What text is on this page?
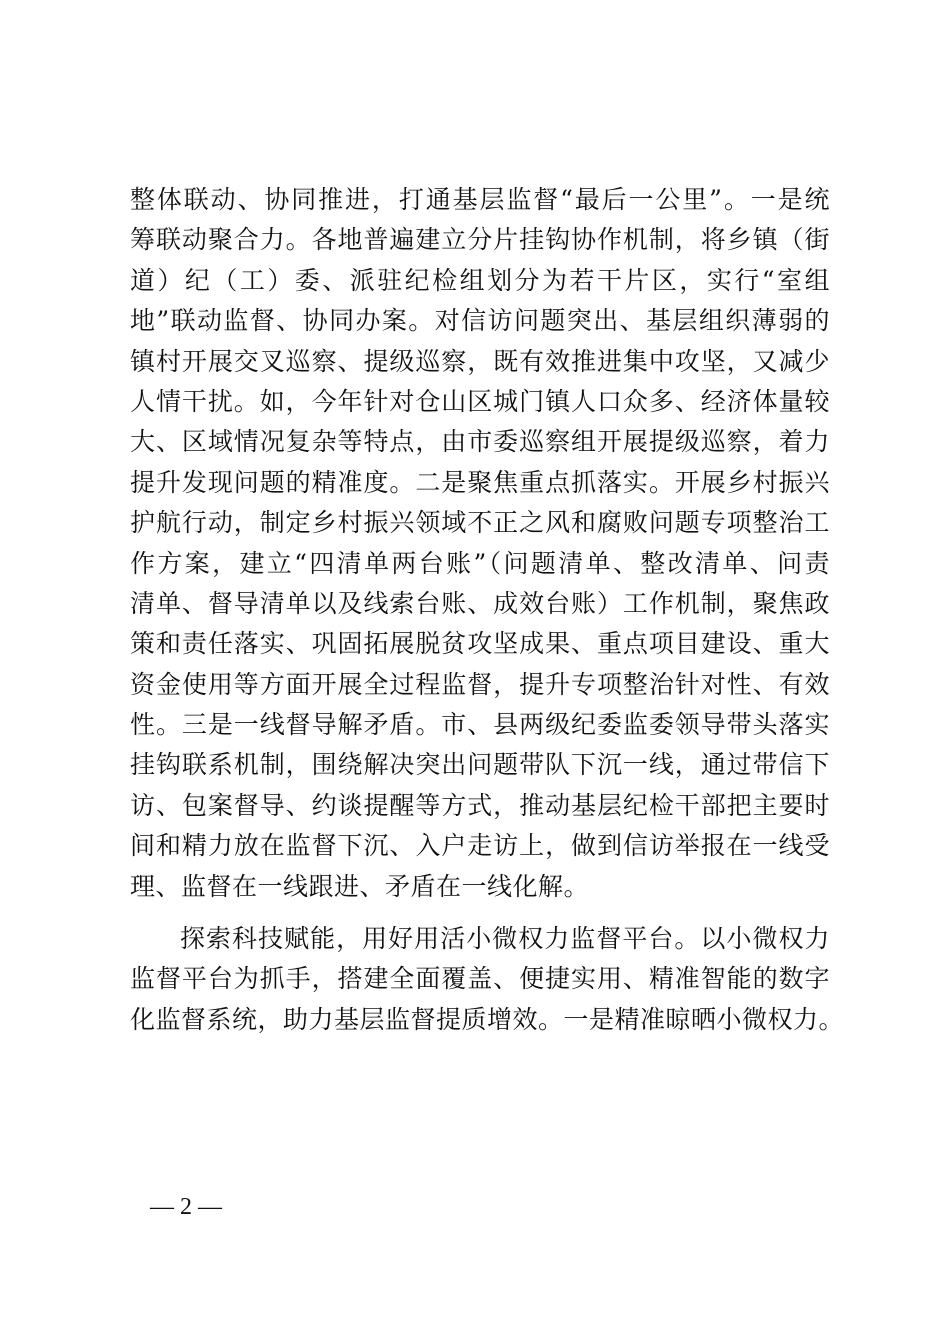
整体联动、协同推进，打通基层监督“最后一公里”。一是统
筹联动聚合力。各地普遍建立分片挂钩协作机制，将乡镇（街
道）纪（工）委、派驻纪检组划分为若干片区，实行“室组
地”联动监督、协同办案。对信访问题突出、基层组织薄弱的
镇村开展交叉巡察、提级巡察，既有效推进集中攻坚，又减少
人情干扰。如，今年针对仓山区城门镇人口众多、经济体量较
大、区域情况复杂等特点，由市委巡察组开展提级巡察，着力
提升发现问题的精准度。二是聚焦重点抓落实。开展乡村振兴
护航行动，制定乡村振兴领域不正之风和腐败问题专项整治工
作方案，建立“四清单两台账”（问题清单、整改清单、问责
清单、督导清单以及线索台账、成效台账）工作机制，聚焦政
策和责任落实、巩固拓展脱贫攻坚成果、重点项目建设、重大
资金使用等方面开展全过程监督，提升专项整治针对性、有效
性。三是一线督导解矛盾。市、县两级纪委监委领导带头落实
挂钩联系机制，围绕解决突出问题带队下沉一线，通过带信下
访、包案督导、约谈提醒等方式，推动基层纪检干部把主要时
间和精力放在监督下沉、入户走访上，做到信访举报在一线受
理、监督在一线跟进、矛盾在一线化解。
探索科技赋能，用好用活小微权力监督平台。以小微权力
监督平台为抓手，搭建全面覆盖、便捷实用、精准智能的数字
化监督系统，助力基层监督提质增效。一是精准晾晒小微权力。
— 2 —
